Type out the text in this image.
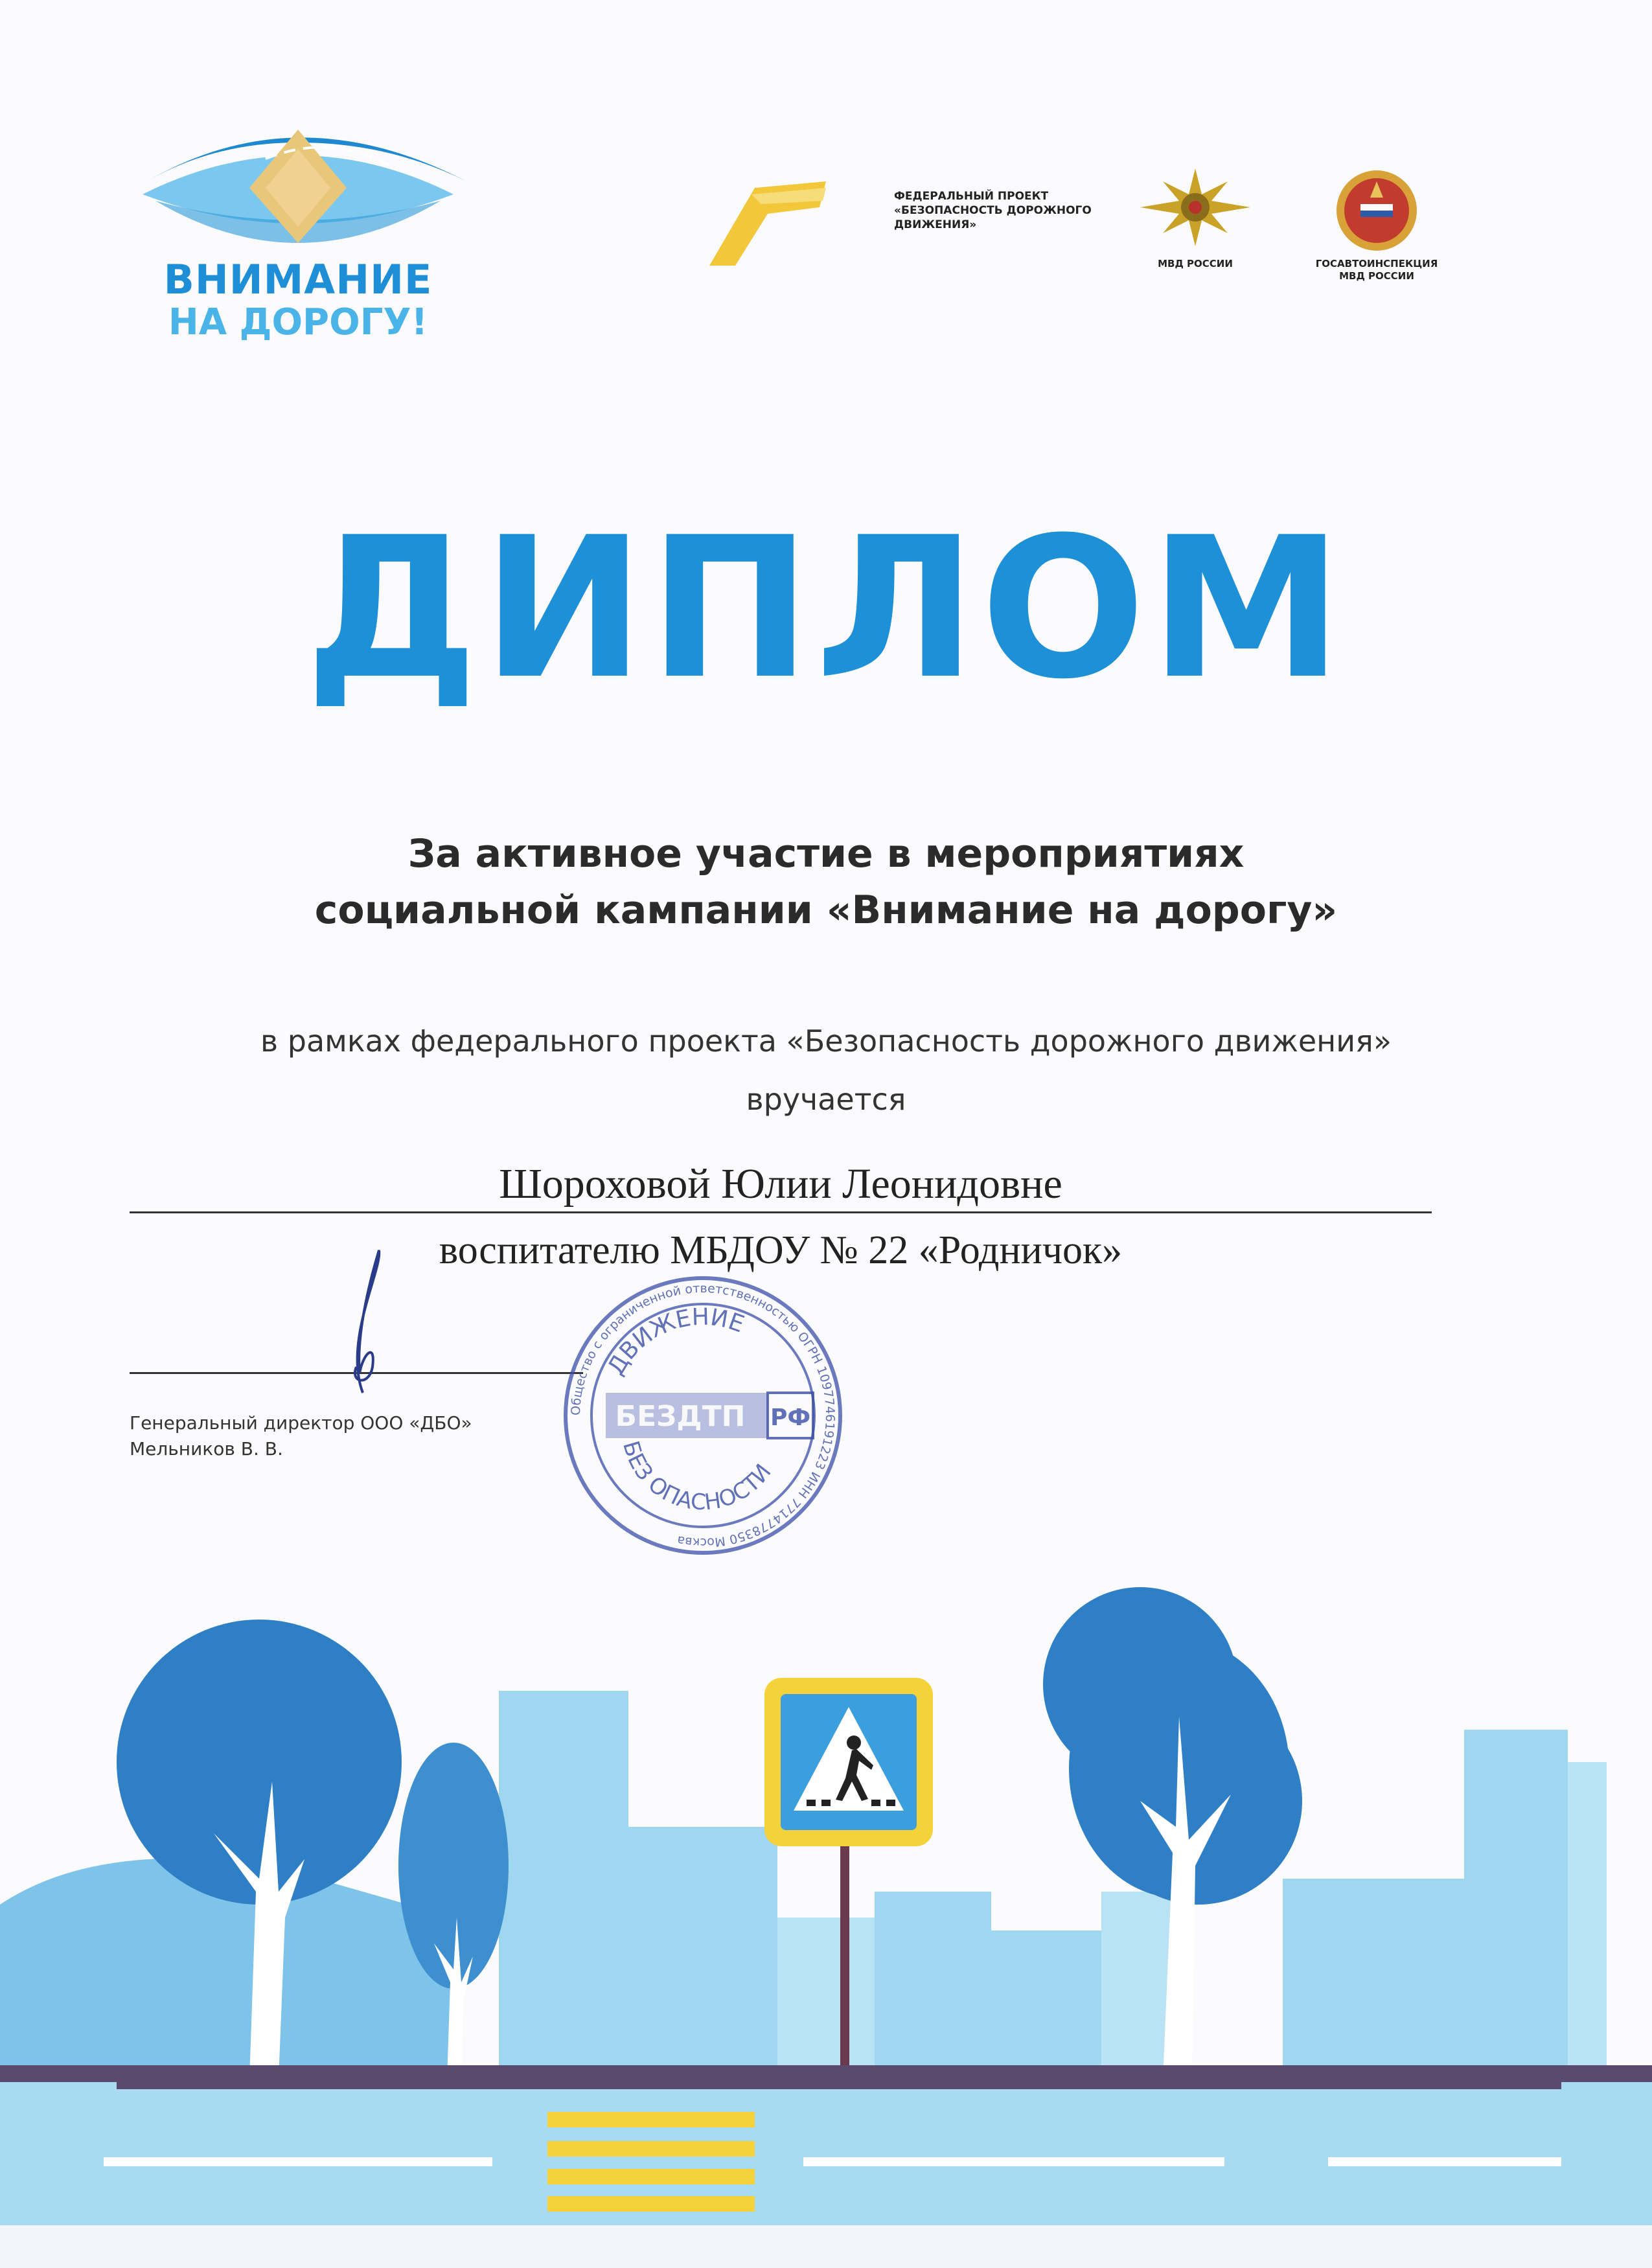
ВНИМАНИЕ
НА ДОРОГУ!
ФЕДЕРАЛЬНЫЙ ПРОЕКТ
«БЕЗОПАСНОСТЬ ДОРОЖНОГО
ДВИЖЕНИЯ»
МВД РОССИИ	ГОСАВТОИНСПЕКЦИЯ
МВД РОССИИ
ДИПЛОМ
За активное участие в мероприятиях
социальной кампании «Внимание на дорогу»
в рамках федерального проекта «Безопасность дорожного движения»
вручается
Шороховой Юлии Леонидовне
воспитателю МБДОУ № 22 «Родничок»
Генеральный директор ООО «ДБО»
Мельников В. В.
Общество с ограниченной ответственностью ОГРН 1097746191223 ИНН 7714778350 Москва
ДВИЖЕНИЕ
БЕЗ ОПАСНОСТИ
БЕЗДТП РФ
